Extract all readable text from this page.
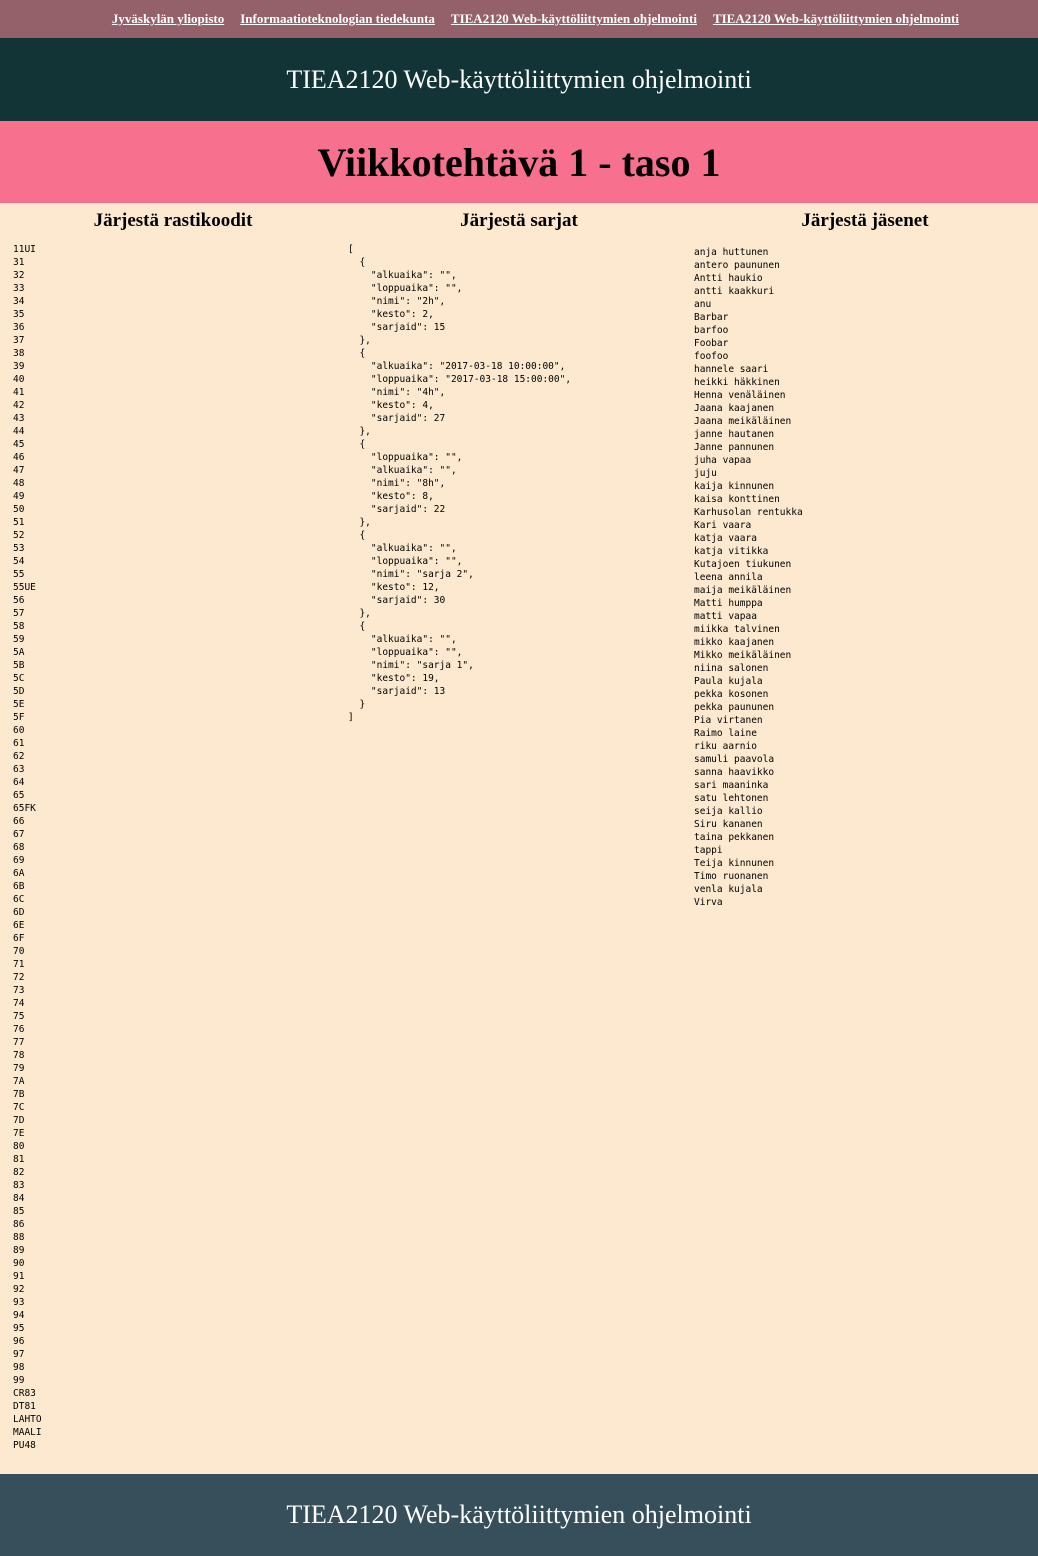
Jyväskylän yliopisto Informaatioteknologian tiedekunta TIEA2120 Web-käyttöliittymien ohjelmointi TIEA2120 Web-käyttöliittymien ohjelmointi
TIEA2120 Web-käyttöliittymien ohjelmointi
Viikkotehtävä 1 - taso 1
Järjestä rastikoodit
11UI
31
32
33
34
35
36
37
38
39
40
41
42
43
44
45
46
47
48
49
50
51
52
53
54
55
55UE
56
57
58
59
5A
5B
5C
5D
5E
5F
60
61
62
63
64
65
65FK
66
67
68
69
6A
6B
6C
6D
6E
6F
70
71
72
73
74
75
76
77
78
79
7A
7B
7C
7D
7E
80
81
82
83
84
85
86
88
89
90
91
92
93
94
95
96
97
98
99
CR83
DT81
LAHTO
MAALI
PU48
Järjestä sarjat
[
{
"alkuaika": "",
"loppuaika": "",
"nimi": "2h",
"kesto": 2,
"sarjaid": 15
},
{
"alkuaika": "2017-03-18 10:00:00",
"loppuaika": "2017-03-18 15:00:00",
"nimi": "4h",
"kesto": 4,
"sarjaid": 27
},
{
"loppuaika": "",
"alkuaika": "",
"nimi": "8h",
"kesto": 8,
"sarjaid": 22
},
{
"alkuaika": "",
"loppuaika": "",
"nimi": "sarja 2",
"kesto": 12,
"sarjaid": 30
},
{
"alkuaika": "",
"loppuaika": "",
"nimi": "sarja 1",
"kesto": 19,
"sarjaid": 13
}
]
Järjestä jäsenet
anja huttunen
antero paununen
Antti haukio
antti kaakkuri
anu
Barbar
barfoo
Foobar
foofoo
hannele saari
heikki häkkinen
Henna venäläinen
Jaana kaajanen
Jaana meikäläinen
janne hautanen
Janne pannunen
juha vapaa
juju
kaija kinnunen
kaisa konttinen
Karhusolan rentukka
Kari vaara
katja vaara
katja vitikka
Kutajoen tiukunen
leena annila
maija meikäläinen
Matti humppa
matti vapaa
miikka talvinen
mikko kaajanen
Mikko meikäläinen
niina salonen
Paula kujala
pekka kosonen
pekka paununen
Pia virtanen
Raimo laine
riku aarnio
samuli paavola
sanna haavikko
sari maaninka
satu lehtonen
seija kallio
Siru kananen
taina pekkanen
tappi
Teija kinnunen
Timo ruonanen
venla kujala
Virva
TIEA2120 Web-käyttöliittymien ohjelmointi
